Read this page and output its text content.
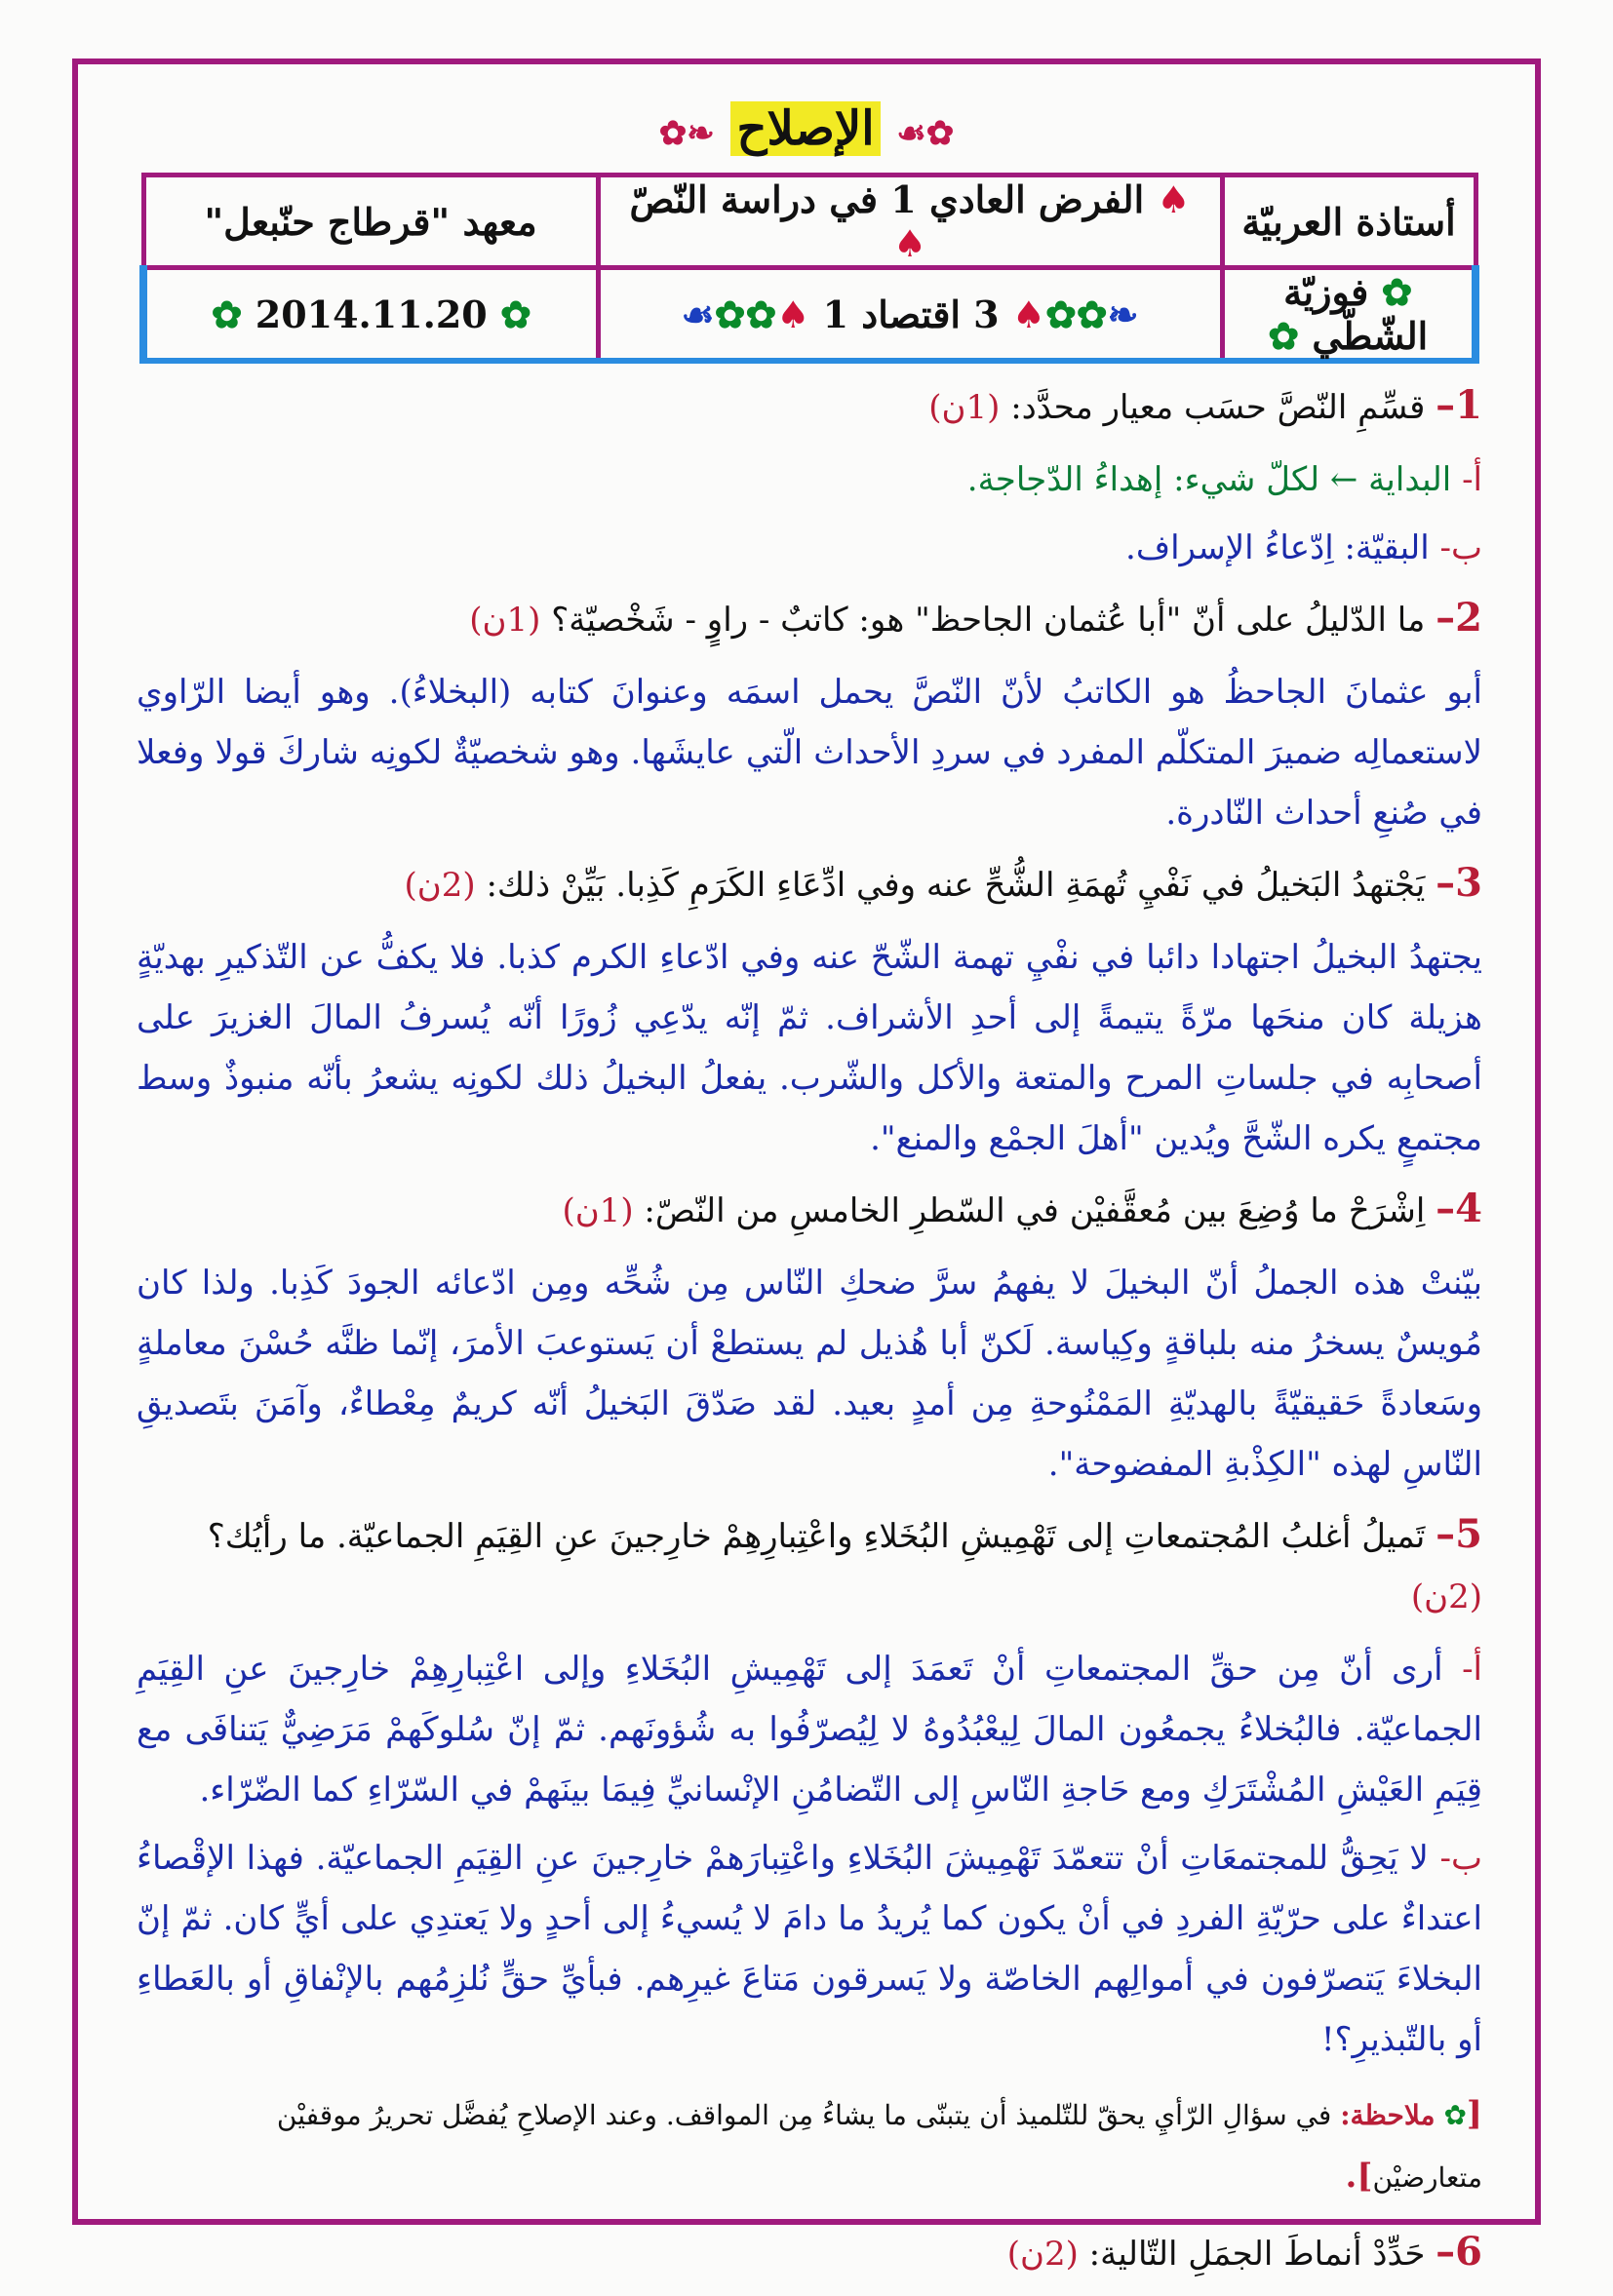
✿☙ الإصلاح ❧✿
أستاذة العربيّة	♠ الفرض العادي 1 في دراسة النّصّ ♠	معهد "قرطاج حنّبعل"
✿ فوزيّة الشّطّي ✿	❧✿✿♠ 3 اقتصاد 1 ♠✿✿☙	✿ 2014.11.20 ✿
1– قسِّمِ النّصَّ حسَب معيار محدَّد: (1ن)
أ- البداية ← لكلّ شيء: إهداءُ الدّجاجة.
ب- البقيّة: اِدّعاءُ الإسراف.
2– ما الدّليلُ على أنّ "أبا عُثمان الجاحظ" هو: كاتبٌ - راوٍ - شَخْصيّة؟ (1ن)
أبو عثمانَ الجاحظُ هو الكاتبُ لأنّ النّصَّ يحمل اسمَه وعنوانَ كتابه (البخلاءُ). وهو أيضا الرّاوي لاستعمالِه ضميرَ المتكلّم المفرد في سردِ الأحداث الّتي عايشَها. وهو شخصيّةٌ لكونِه شاركَ قولا وفعلا في صُنعِ أحداث النّادرة.
3– يَجْتهدُ البَخيلُ في نَفْيِ تُهمَةِ الشُّحِّ عنه وفي ادِّعَاءِ الكَرَمِ كَذِبا. بَيِّنْ ذلك: (2ن)
يجتهدُ البخيلُ اجتهادا دائبا في نفْيِ تهمة الشّحّ عنه وفي ادّعاءِ الكرم كذبا. فلا يكفُّ عن التّذكيرِ بهديّةٍ هزيلة كان منحَها مرّةً يتيمةً إلى أحدِ الأشراف. ثمّ إنّه يدّعِي زُورًا أنّه يُسرفُ المالَ الغزيرَ على أصحابِه في جلساتِ المرح والمتعة والأكل والشّرب. يفعلُ البخيلُ ذلك لكونِه يشعرُ بأنّه منبوذٌ وسط مجتمعٍ يكره الشّحَّ ويُدين "أهلَ الجمْع والمنع".
4– اِشْرَحْ ما وُضِعَ بين مُعقَّفيْن في السّطرِ الخامسِ من النّصّ: (1ن)
بيّنتْ هذه الجملُ أنّ البخيلَ لا يفهمُ سرَّ ضحكِ النّاس مِن شُحِّه ومِن ادّعائه الجودَ كَذِبا. ولذا كان مُويسٌ يسخرُ منه بلباقةٍ وكِياسة. لَكنّ أبا هُذيل لم يستطعْ أن يَستوعبَ الأمرَ، إنّما ظنَّه حُسْنَ معاملةٍ وسَعادةً حَقيقيّةً بالهديّةِ المَمْنُوحةِ مِن أمدٍ بعيد. لقد صَدّقَ البَخيلُ أنّه كريمٌ مِعْطاءٌ، وآمَنَ بتَصديقِ النّاسِ لهذه "الكِذْبةِ المفضوحة".
5– تَميلُ أغلبُ المُجتمعاتِ إلى تَهْمِيشِ البُخَلاءِ واعْتِبارِهِمْ خارِجينَ عنِ القِيَمِ الجماعيّة. ما رأيُك؟ (2ن)
أ- أرى أنّ مِن حقِّ المجتمعاتِ أنْ تَعمَدَ إلى تَهْمِيشِ البُخَلاءِ وإلى اعْتِبارِهِمْ خارِجينَ عنِ القِيَمِ الجماعيّة. فالبُخلاءُ يجمعُون المالَ لِيعْبُدُوهُ لا لِيُصرّفُوا به شُؤونَهم. ثمّ إنّ سُلوكَهمْ مَرَضِيٌّ يَتنافَى مع قِيَمِ العَيْشِ المُشْتَرَكِ ومع حَاجةِ النّاسِ إلى التّضامُنِ الإنْسانيِّ فِيمَا بينَهمْ في السّرّاءِ كما الضّرّاء.
ب- لا يَحِقُّ للمجتمعَاتِ أنْ تتعمّدَ تَهْمِيشَ البُخَلاءِ واعْتِبارَهمْ خارِجينَ عنِ القِيَمِ الجماعيّة. فهذا الإقْصاءُ اعتداءٌ على حرّيّةِ الفردِ في أنْ يكون كما يُريدُ ما دامَ لا يُسيءُ إلى أحدٍ ولا يَعتدِي على أيٍّ كان. ثمّ إنّ البخلاءَ يَتصرّفون في أموالِهم الخاصّة ولا يَسرقون مَتاعَ غيرِهم. فبأيِّ حقٍّ نُلزِمُهم بالإنْفاقِ أو بالعَطاءِ أو بالتّبذيرِ؟!
[✿ ملاحظة: في سؤالِ الرّأيِ يحقّ للتّلميذ أن يتبنّى ما يشاءُ مِن المواقف. وعند الإصلاحِ يُفضَّل تحريرُ موقفيْن متعارضيْن].
6– حَدِّدْ أنماطَ الجمَلِ التّالية: (2ن)
